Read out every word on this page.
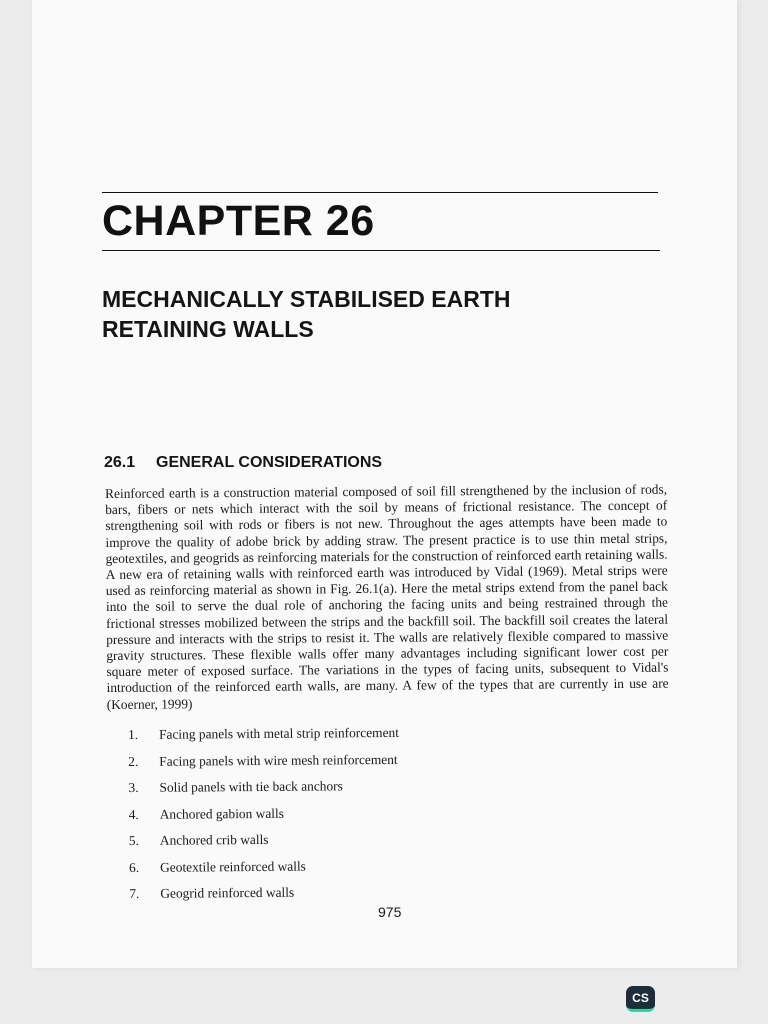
CHAPTER 26
MECHANICALLY STABILISED EARTH
RETAINING WALLS
26.1 GENERAL CONSIDERATIONS

Reinforced earth is a construction material composed of soil fill strengthened by the inclusion of rods, bars, fibers or nets which interact with the soil by means of frictional resistance. The concept of strengthening soil with rods or fibers is not new. Throughout the ages attempts have been made to improve the quality of adobe brick by adding straw. The present practice is to use thin metal strips, geotextiles, and geogrids as reinforcing materials for the construction of reinforced earth retaining walls. A new era of retaining walls with reinforced earth was introduced by Vidal (1969). Metal strips were used as reinforcing material as shown in Fig. 26.1(a). Here the metal strips extend from the panel back into the soil to serve the dual role of anchoring the facing units and being restrained through the frictional stresses mobilized between the strips and the backfill soil. The backfill soil creates the lateral pressure and interacts with the strips to resist it. The walls are relatively flexible compared to massive gravity structures. These flexible walls offer many advantages including significant lower cost per square meter of exposed surface. The variations in the types of facing units, subsequent to Vidal's introduction of the reinforced earth walls, are many. A few of the types that are currently in use are (Koerner, 1999)

1. Facing panels with metal strip reinforcement
2. Facing panels with wire mesh reinforcement
3. Solid panels with tie back anchors
4. Anchored gabion walls
5. Anchored crib walls
6. Geotextile reinforced walls
7. Geogrid reinforced walls
975
CS
